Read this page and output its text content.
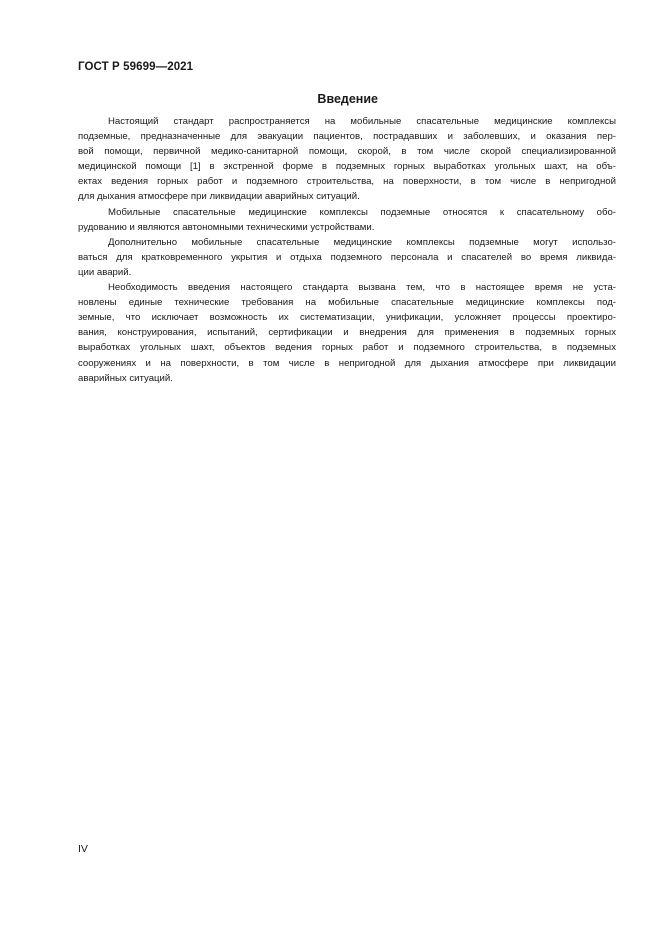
ГОСТ Р 59699—2021
Введение
Настоящий стандарт распространяется на мобильные спасательные медицинские комплексы
подземные, предназначенные для эвакуации пациентов, пострадавших и заболевших, и оказания пер-
вой помощи, первичной медико-санитарной помощи, скорой, в том числе скорой специализированной
медицинской помощи [1] в экстренной форме в подземных горных выработках угольных шахт, на объ-
ектах ведения горных работ и подземного строительства, на поверхности, в том числе в непригодной
для дыхания атмосфере при ликвидации аварийных ситуаций.
Мобильные спасательные медицинские комплексы подземные относятся к спасательному обо-
рудованию и являются автономными техническими устройствами.
Дополнительно мобильные спасательные медицинские комплексы подземные могут использо-
ваться для кратковременного укрытия и отдыха подземного персонала и спасателей во время ликвида-
ции аварий.
Необходимость введения настоящего стандарта вызвана тем, что в настоящее время не уста-
новлены единые технические требования на мобильные спасательные медицинские комплексы под-
земные, что исключает возможность их систематизации, унификации, усложняет процессы проектиро-
вания, конструирования, испытаний, сертификации и внедрения для применения в подземных горных
выработках угольных шахт, объектов ведения горных работ и подземного строительства, в подземных
сооружениях и на поверхности, в том числе в непригодной для дыхания атмосфере при ликвидации
аварийных ситуаций.
IV
